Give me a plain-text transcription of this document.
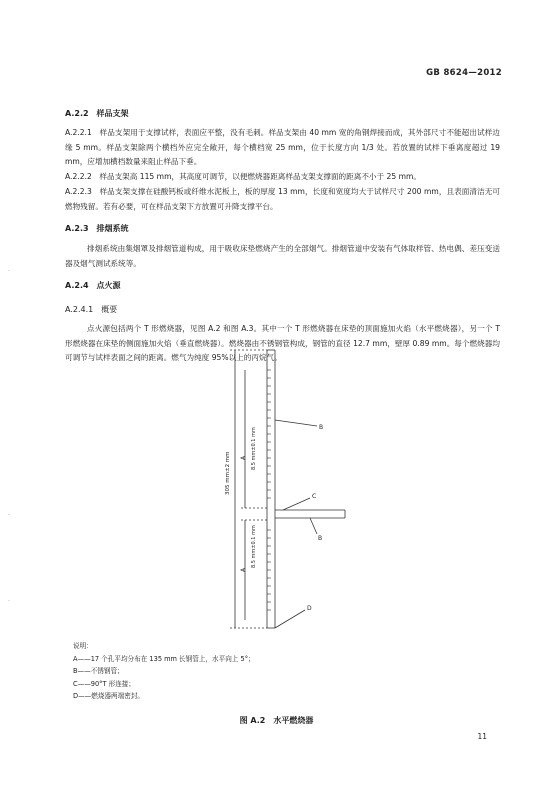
GB 8624—2012
A.2.2　样品支架
A.2.2.1　样品支架用于支撑试样，表面应平整，没有毛刺。样品支架由 40 mm 宽的角钢焊接而成，其外部尺寸不能超出试样边缘 5 mm。样品支架除两个横档外应完全敞开，每个横档宽 25 mm，位于长度方向 1/3 处。若放置的试样下垂离度超过 19 mm，应增加横档数量来阻止样品下垂。
A.2.2.2　样品支架高 115 mm，其高度可调节，以便燃烧器距离样品支架支撑面的距离不小于 25 mm。
A.2.2.3　样品支架支撑在硅酸钙板或纤维水泥板上，板的厚度 13 mm，长度和宽度均大于试样尺寸 200 mm，且表面清洁无可燃物残留。若有必要，可在样品支架下方放置可升降支撑平台。
A.2.3　排烟系统
排烟系统由集烟罩及排烟管道构成，用于吸收床垫燃烧产生的全部烟气。排烟管道中安装有气体取样管、热电偶、差压变送器及烟气测试系统等。
A.2.4　点火源
A.2.4.1　概要
点火源包括两个 T 形燃烧器，见图 A.2 和图 A.3。其中一个 T 形燃烧器在床垫的顶面施加火焰（水平燃烧器），另一个 T 形燃烧器在床垫的侧面施加火焰（垂直燃烧器）。燃烧器由不锈钢管构成，钢管的直径 12.7 mm，壁厚 0.89 mm。每个燃烧器均可调节与试样表面之间的距离。燃气为纯度 95%以上的丙烷气。
·
·
·
305 mm±2 mm
8.5 mm±0.1 mm
8.5 mm±0.1 mm
A
A
B
B
C
D
说明：
A——17 个孔平均分布在 135 mm 长钢管上，水平向上 5°；
B——不锈钢管；
C——90°T 形连接；
D——燃烧器两端密封。
图 A.2　水平燃烧器
11
